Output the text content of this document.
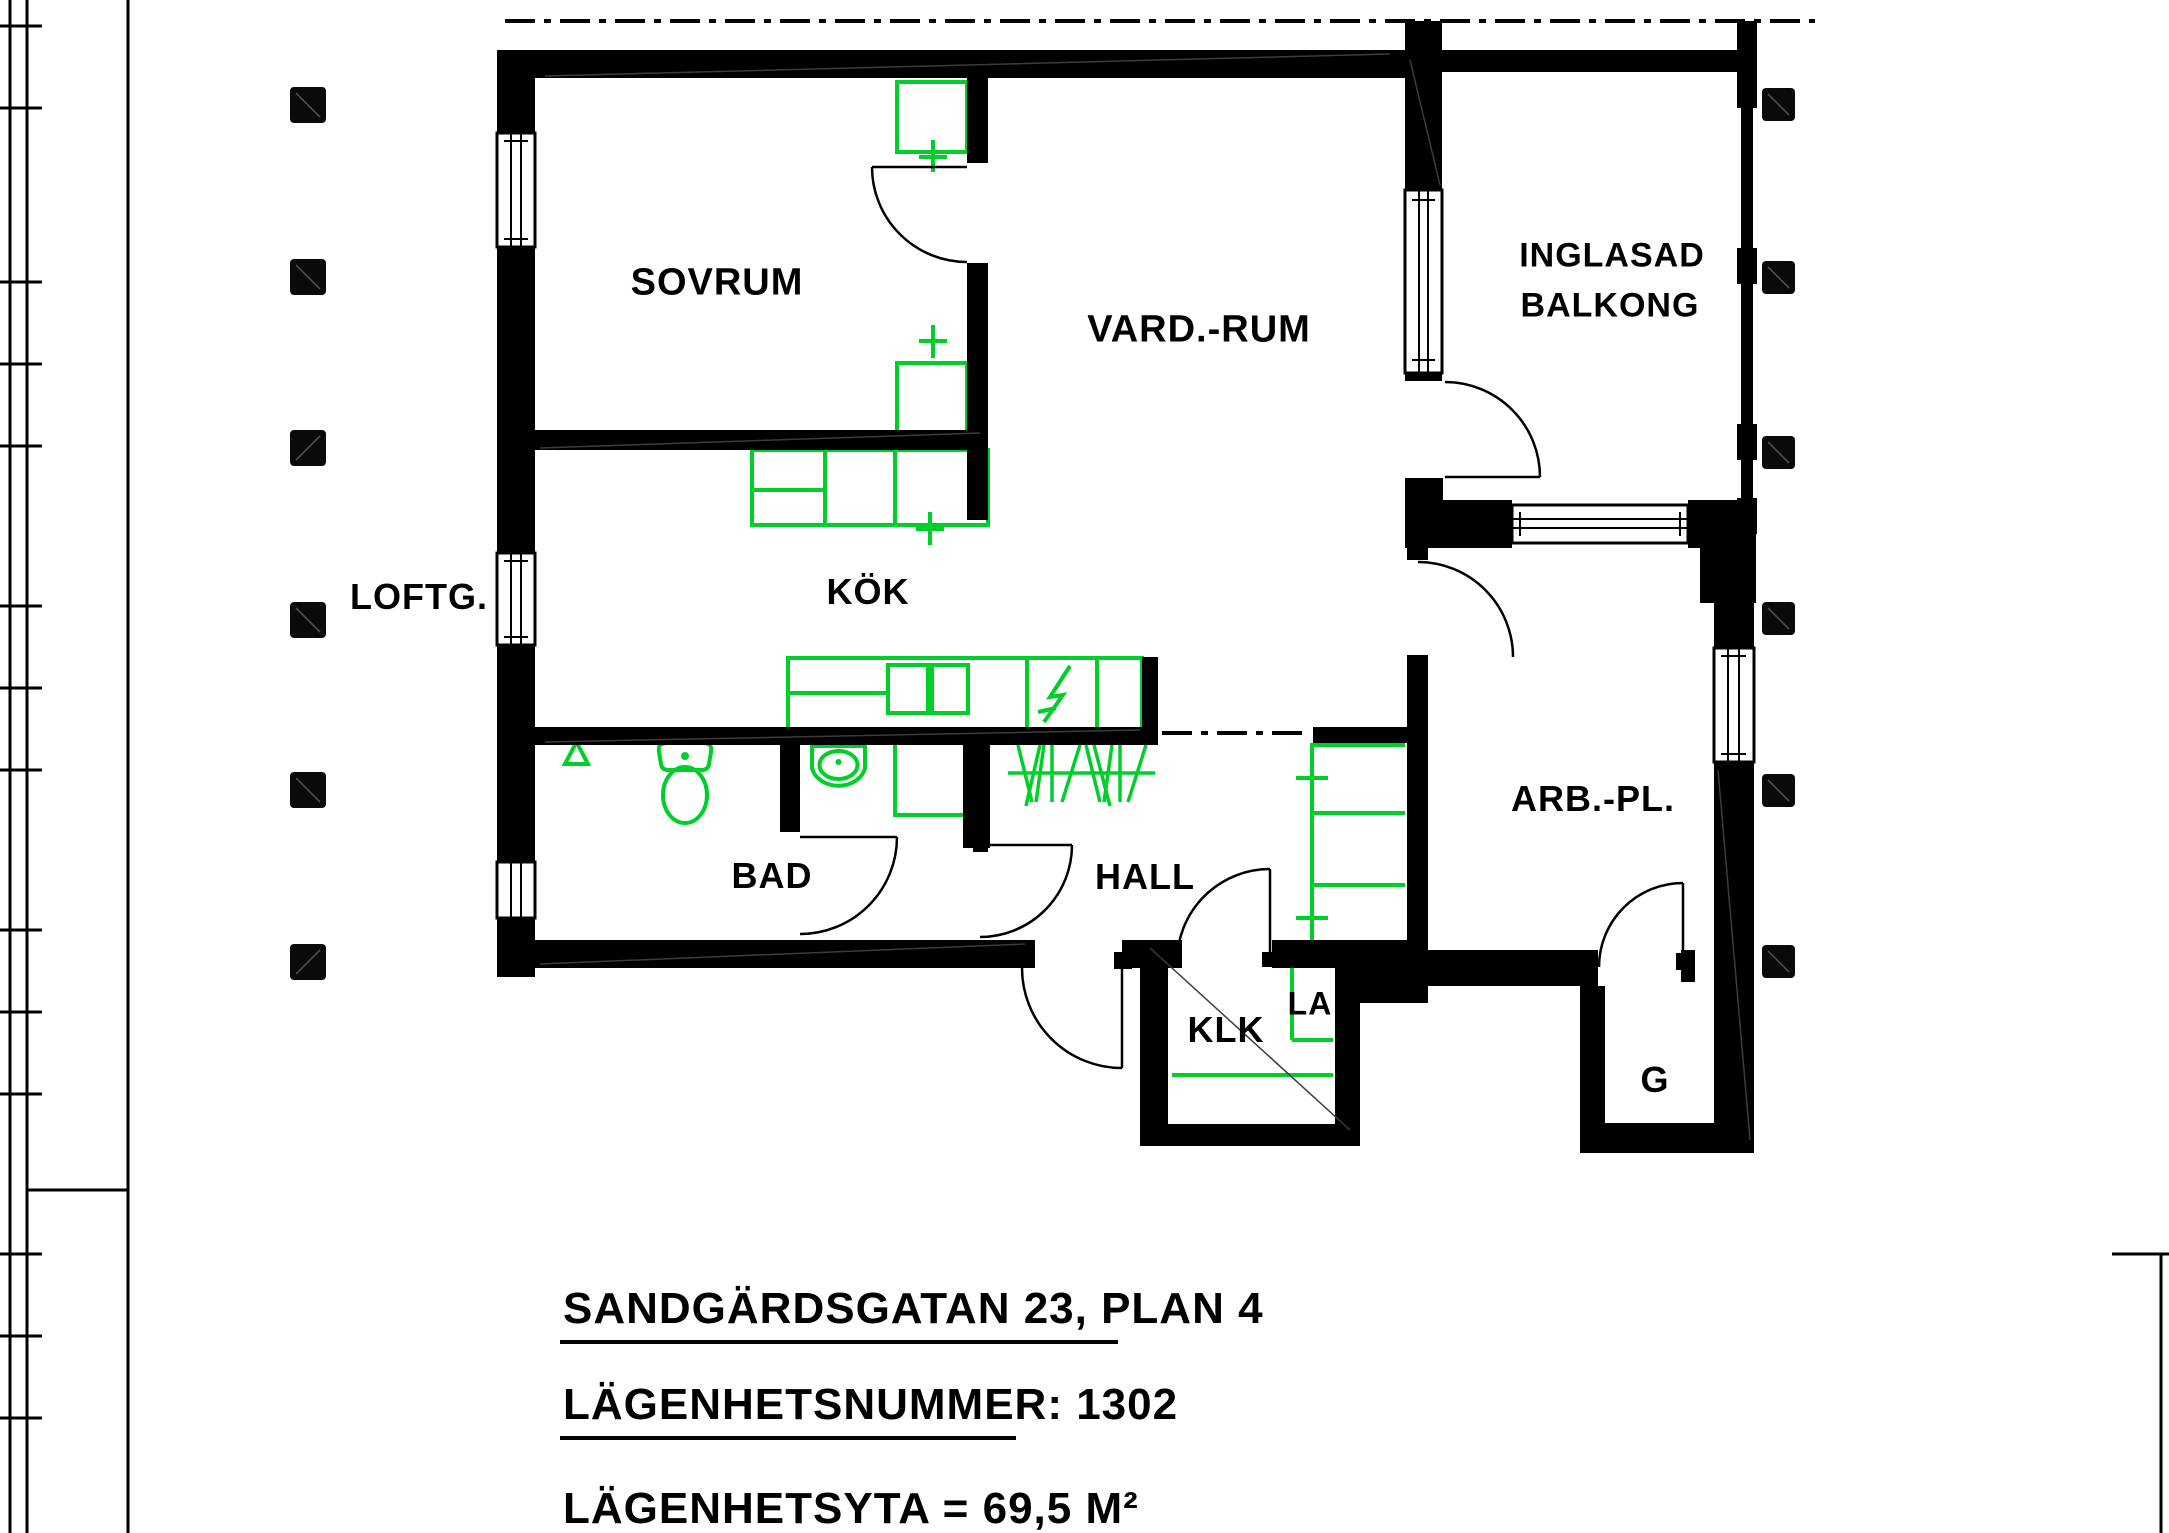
SOVRUM
VARD.-RUM
INGLASAD
BALKONG
LOFTG.	KÖK
BAD	HALL
KLK
LA
ARB.-PL.
G
SANDGÄRDSGATAN 23, PLAN 4
LÄGENHETSNUMMER: 1302
LÄGENHETSYTA = 69,5 M²
